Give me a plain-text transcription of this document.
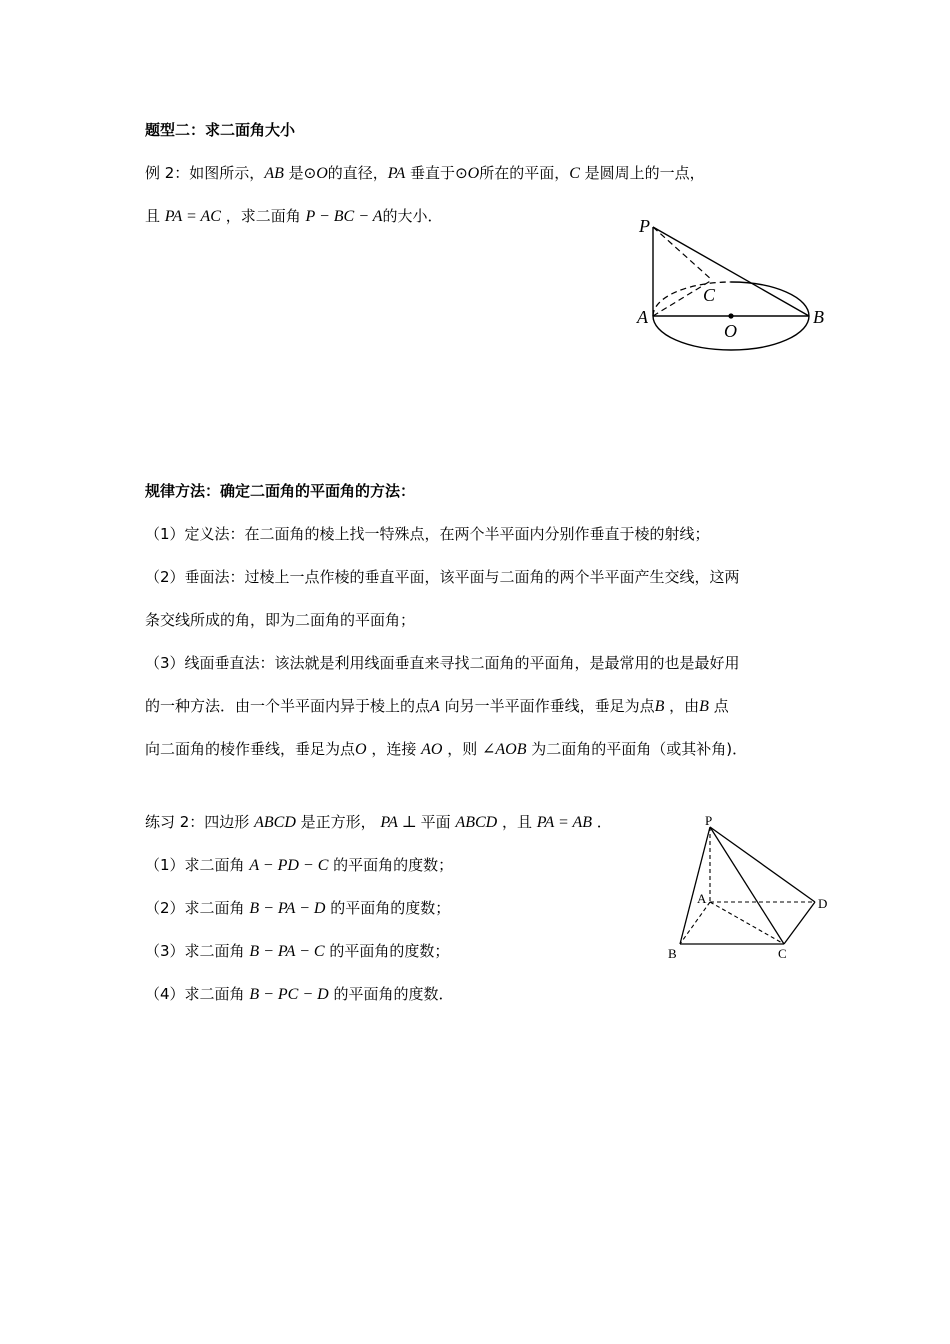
题型二：求二面角大小
例 2：如图所示，AB 是⊙O的直径，PA 垂直于⊙O所在的平面，C 是圆周上的一点，
且 PA = AC ，求二面角 P − BC − A的大小．	P
C
A
O
B
规律方法：确定二面角的平面角的方法：
（1）定义法：在二面角的棱上找一特殊点，在两个半平面内分别作垂直于棱的射线；
（2）垂面法：过棱上一点作棱的垂直平面，该平面与二面角的两个半平面产生交线，这两
条交线所成的角，即为二面角的平面角；
（3）线面垂直法：该法就是利用线面垂直来寻找二面角的平面角，是最常用的也是最好用
的一种方法．由一个半平面内异于棱上的点A 向另一半平面作垂线，垂足为点B ，由B 点
向二面角的棱作垂线，垂足为点O ，连接 AO ，则 ∠AOB 为二面角的平面角（或其补角)．
练习 2：四边形 ABCD 是正方形， PA ⊥ 平面 ABCD ，且 PA = AB ．
（1）求二面角 A − PD − C 的平面角的度数；
（2）求二面角 B − PA − D 的平面角的度数；
（3）求二面角 B − PA − C 的平面角的度数；
（4）求二面角 B − PC − D 的平面角的度数．
P
A	D
B	C
